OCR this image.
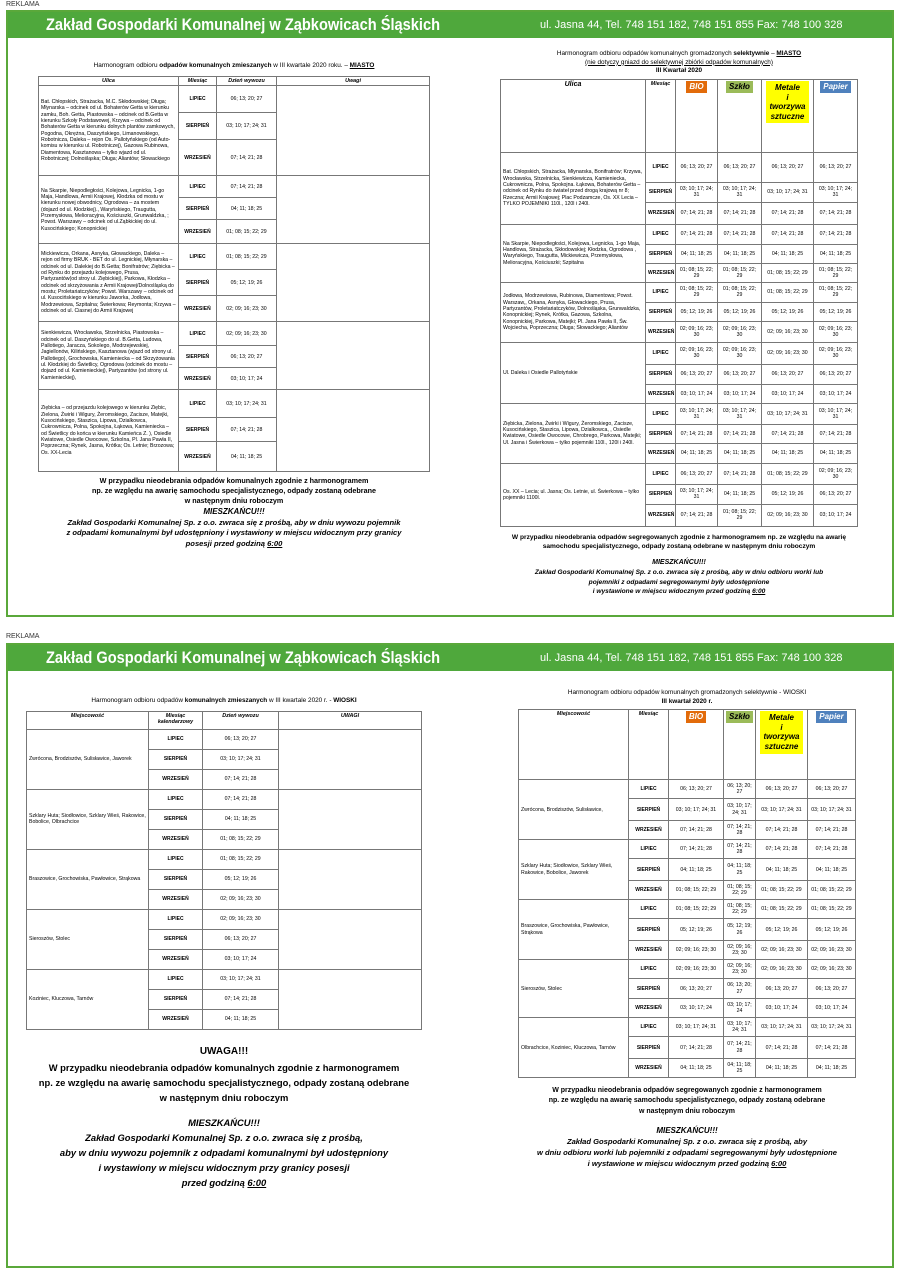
REKLAMA
Zakład Gospodarki Komunalnej w Ząbkowicach Śląskich	ul. Jasna 44, Tel. 748 151 182, 748 151 855 Fax: 748 100 328
Harmonogram odbioru odpadów komunalnych zmieszanych w III kwartale 2020 roku. – MIASTO
Ulica	Miesiąc	Dzień wywozu	Uwagi
Bat. Chłopskich, Strażacka, M.C. Skłodowskiej; Długa; Młynarska – odcinek od ul. Bohaterów Getta w kierunku zamku, Boh. Getta, Piastowska – odcinek od B.Getta w kierunku Szkoły Podstawowej, Krzywa – odcinek od Bohaterów Getta w kierunku dolnych plantów zamkowych, Pogodna, Okrężna, Daszyńskiego, Limanowskiego, Robotnicza, Daleka – rejon Os. Pallotyńskiego (od Auto-komisu w kierunku ul. Robotniczej), Gazowa Rubinowa, Diamentowa, Kasztanowa – tylko wjazd od ul. Robotniczej; Dolnośląska; Długa; Aliantów; Słowackiego	LIPIEC	06; 13; 20; 27	
	SIERPIEŃ	03; 10; 17; 24; 31	
	WRZESIEŃ	07; 14; 21; 28	
Na Skarpie, Niepodległości, Kolejowa, Legnicka, 1-go Maja, Handlowa, Armii Krajowej, Kłodzka od mostu w kierunku nowej obwodnicy, Ogrodowa – za mostem (dojazd od ul. Kłodzkiej)., Waryńskiego, Traugutta, Przemysłowa, Melioracyjna, Kościuszki, Grunwaldzka, ; Powst. Warszawy – odcinek od ul.Ząbkickiej do ul. Kusocińskiego; Konopnickiej	LIPIEC	07; 14; 21; 28	
	SIERPIEŃ	04; 11; 18; 25	
	WRZESIEŃ	01; 08; 15; 22; 29	
Mickiewicza, Orkana, Asnyka, Głowackiego, Daleka – rejon od firmy BRUK - BET do ul. Legnickiej, Młynarska – odcinek od ul. Dalekiej do B.Getta; Bonifratrów; Ziębicka – od Rynku do przejazdu kolejowego, Prusa, Partyzantów(od stroy ul. Ziębickiej), Parkowa, Kłodzka – odcinek od skrzyżowania z Armii Krajowej/Dolnośląską do mostu; Proletariatczyków; Powst. Warszawy – odcinek od ul. Kusocińskiego w kierunku Jaworka, Jodłowa, Modrzewiowa, Szpitalna; Świerkowa; Reymonta; Krzywa – odcinek od ul. Ciasnej do Armii Krajowej	LIPIEC	01; 08; 15; 22; 29	
	SIERPIEŃ	05; 12; 19; 26	
	WRZESIEŃ	02; 09; 16; 23; 30	
Sienkiewicza, Wrocławska, Strzelnicka, Piastowska – odcinek od ul. Daszyńskiego do ul. B.Getta, Ludowa, Pallotiego, Jaracza, Sokolego, Modrzejewskiej, Jagiellonów, Kilińskiego, Kasztanowa (wjazd od strony ul. Pallotiego), Grochowska, Kamieniecka – od Skrzyżowania ul. Kłodzkiej do Świetlicy, Ogrodowa (odcinek do mostu – dojazd od ul. Kamienieckiej), Partyzantów (od strony ul. Kamienieckiej),	LIPIEC	02; 09; 16; 23; 30	
	SIERPIEŃ	06; 13; 20; 27	
	WRZESIEŃ	03; 10; 17; 24	
Ziębicka – od przejazdu kolejowego w kierunku Ziębic, Zielona, Żwirki i Wigury, Żeromskiego, Zacisze, Matejki, Kusocińskiego, Staszica, Lipowa, Dzialkowca, Cukrownicza, Polna, Spokojna, Łąkowa, Kamieniecka – od Świetlicy do końca w kierunku Kamieńca Z. ), Osiedle Kwiatowe, Osiedle Owocowe, Szkolna, Pl. Jana Pawła II, Poprzeczna; Rynek, Jasna, Krótka; Os. Letnie; Brzozowa; Os. XX-Lecia	LIPIEC	03; 10; 17; 24; 31	
	SIERPIEŃ	07; 14; 21; 28	
	WRZESIEŃ	04; 11; 18; 25	
W przypadku nieodebrania odpadów komunalnych zgodnie z harmonogramem
np. ze względu na awarię samochodu specjalistycznego, odpady zostaną odebrane
w następnym dniu roboczym
MIESZKAŃCU!!!
Zakład Gospodarki Komunalnej Sp. z o.o. zwraca się z prośbą, aby w dniu wywozu pojemnik
z odpadami komunalnymi był udostępniony i wystawiony w miejscu widocznym przy granicy
posesji przed godziną 6:00
Harmonogram odbioru odpadów komunalnych gromadzonych selektywnie – MIASTO
(nie dotyczy gniazd do selektywnej zbiórki odpadów komunalnych)
III Kwartał 2020
Ulica	Miesiąc	BIO	Szkło	Metale
i
tworzywa
sztuczne	Papier
Bat. Chłopskich, Strażacka, Młynarska, Bonifratrów; Krzywa, Wrocławska, Strzelnicka, Sienkiewicza, Kamieniecka, Cukrownicza, Polna, Spokojna. Łąkowa, Bohaterów Getta – odcinek od Rynku do świateł przed drogą krajową nr 8; Rzeczna; Armii Krajowej; Plac Podzamcze, Os. XX Lecia – TYLKO POJEMNIKI 110l., 120l i 240l.	LIPIEC	06; 13; 20; 27	06; 13; 20; 27	06; 13; 20; 27	06; 13; 20; 27
	SIERPIEŃ	03; 10; 17; 24; 31	03; 10; 17; 24; 31	03; 10; 17; 24; 31	03; 10; 17; 24; 31
	WRZESIEŃ	07; 14; 21; 28	07; 14; 21; 28	07; 14; 21; 28	07; 14; 21; 28
Na Skarpie, Niepodległości, Kolejowa, Legnicka, 1-go Maja, Handlowa, Strażacka, Skłodowskiej; Kłodzka, Ogrodowa , Waryńskiego, Traugutta, Mickiewicza, Przemysłowa, Melioracyjna, Kościuszki; Szpitalna	LIPIEC	07; 14; 21; 28	07; 14; 21; 28	07; 14; 21; 28	07; 14; 21; 28
	SIERPIEŃ	04; 11; 18; 25	04; 11; 18; 25	04; 11; 18; 25	04; 11; 18; 25
	WRZESIEŃ	01; 08; 15; 22; 29	01; 08; 15; 22; 29	01; 08; 15; 22; 29	01; 08; 15; 22; 29
Jodłowa, Modrzewiowa, Rubinowa, Diamentowa; Powst. Warszaw,, Orkana, Asnyka, Głowackiego, Prusa, Partyzantów, Proletariatczyków, Dolnośląska, Grunwaldzka, Konopnickiej; Rynek, Krótka, Gazowa, Szkolna, Konopnickiej, Parkowa, Matejki; Pl. Jana Pawła II, Św. Wojciecha, Poprzeczna; Długa; Słowackiego; Aliantów	LIPIEC	01; 08; 15; 22; 29	01; 08; 15; 22; 29	01; 08; 15; 22; 29	01; 08; 15; 22; 29
	SIERPIEŃ	05; 12; 19; 26	05; 12; 19; 26	05; 12; 19; 26	05; 12; 19; 26
	WRZESIEŃ	02; 09; 16; 23; 30	02; 09; 16; 23; 30	02; 09; 16; 23; 30	02; 09; 16; 23; 30
Ul. Daleka i Osiedle Pallotyńskie	LIPIEC	02; 09; 16; 23; 30	02; 09; 16; 23; 30	02; 09; 16; 23; 30	02; 09; 16; 23; 30
	SIERPIEŃ	06; 13; 20; 27	06; 13; 20; 27	06; 13; 20; 27	06; 13; 20; 27
	WRZESIEŃ	03; 10; 17; 24	03; 10; 17; 24	03; 10; 17; 24	03; 10; 17; 24
Ziębicka, Zielona, Żwirki i Wigury, Żeromskiego, Zacisze, Kusocińskiego, Staszica, Lipowa, Dzialkowca, , Osiedle Kwiatowe, Osiedle Owocowe, Chrobrego, Parkowa, Matejki; Ul. Jasna i Świerkowa – tylko pojemniki 110l., 120l i 240l.	LIPIEC	03; 10; 17; 24; 31	03; 10; 17; 24; 31	03; 10; 17; 24; 31	03; 10; 17; 24; 31
	SIERPIEŃ	07; 14; 21; 28	07; 14; 21; 28	07; 14; 21; 28	07; 14; 21; 28
	WRZESIEŃ	04; 11; 18; 25	04; 11; 18; 25	04; 11; 18; 25	04; 11; 18; 25
Os. XX – Lecia; ul. Jasna; Os. Letnie, ul. Świerkowa – tylko pojemniki 1100l.	LIPIEC	06; 13; 20; 27	07; 14; 21; 28	01; 08; 15; 22; 29	02; 09; 16; 23; 30
	SIERPIEŃ	03; 10; 17; 24; 31	04; 11; 18; 25	05; 12; 19; 26	06; 13; 20; 27
	WRZESIEŃ	07; 14; 21; 28	01; 08; 15; 22; 29	02; 09; 16; 23; 30	03; 10; 17; 24
W przypadku nieodebrania odpadów segregowanych zgodnie z harmonogramem np. ze względu na awarię
samochodu specjalistycznego, odpady zostaną odebrane w następnym dniu roboczym
MIESZKAŃCU!!!
Zakład Gospodarki Komunalnej Sp. z o.o. zwraca się z prośbą, aby w dniu odbioru worki lub
pojemniki z odpadami segregowanymi były udostępnione
i wystawione w miejscu widocznym przed godziną 6:00
REKLAMA
Zakład Gospodarki Komunalnej w Ząbkowicach Śląskich	ul. Jasna 44, Tel. 748 151 182, 748 151 855 Fax: 748 100 328
Harmonogram odbioru odpadów komunalnych zmieszanych w III kwartale 2020 r. - WIOSKI
Miejscowość	Miesiąc kalendarzowy	Dzień wywozu	UWAGI
Zwrócona, Brodziszów, Sulisławice, Jaworek	LIPIEC	06; 13; 20; 27	
	SIERPIEŃ	03; 10; 17; 24; 31	
	WRZESIEŃ	07; 14; 21; 28	
Szklary Huta; Siodłowice, Szklary Wieś, Rakowice, Bobolice, Olbrachcice	LIPIEC	07; 14; 21; 28	
	SIERPIEŃ	04; 11; 18; 25	
	WRZESIEŃ	01; 08; 15; 22; 29	
Braszowice, Grochowiska, Pawłowice, Strąkowa	LIPIEC	01; 08; 15; 22; 29	
	SIERPIEŃ	05; 12; 19; 26	
	WRZESIEŃ	02; 09; 16; 23; 30	
Sieroszów, Stolec	LIPIEC	02; 09; 16; 23; 30	
	SIERPIEŃ	06; 13; 20; 27	
	WRZESIEŃ	03; 10; 17; 24	
Koziniec, Kluczowa, Tarnów	LIPIEC	03; 10; 17; 24; 31	
	SIERPIEŃ	07; 14; 21; 28	
	WRZESIEŃ	04; 11; 18; 25	
UWAGA!!!
W przypadku nieodebrania odpadów komunalnych zgodnie z harmonogramem
np. ze względu na awarię samochodu specjalistycznego, odpady zostaną odebrane
w następnym dniu roboczym
MIESZKAŃCU!!!
Zakład Gospodarki Komunalnej Sp. z o.o. zwraca się z prośbą,
aby w dniu wywozu pojemnik z odpadami komunalnymi był udostępniony
i wystawiony w miejscu widocznym przy granicy posesji
przed godziną 6:00
Harmonogram odbioru odpadów komunalnych gromadzonych selektywnie - WIOSKI
III kwartał 2020 r.
Miejscowość	Miesiąc	BIO	Szkło	Metale
i
tworzywa
sztuczne	Papier
Zwrócona, Brodziszów, Sulisławice,	LIPIEC	06; 13; 20; 27	06; 13; 20; 27	06; 13; 20; 27	06; 13; 20; 27
	SIERPIEŃ	03; 10; 17; 24; 31	03; 10; 17; 24; 31	03; 10; 17; 24; 31	03; 10; 17; 24; 31
	WRZESIEŃ	07; 14; 21; 28	07; 14; 21; 28	07; 14; 21; 28	07; 14; 21; 28
Szklary Huta; Siodłowice, Szklary Wieś, Rakowice, Bobolice, Jaworek	LIPIEC	07; 14; 21; 28	07; 14; 21; 28	07; 14; 21; 28	07; 14; 21; 28
	SIERPIEŃ	04; 11; 18; 25	04; 11; 18; 25	04; 11; 18; 25	04; 11; 18; 25
	WRZESIEŃ	01; 08; 15; 22; 29	01; 08; 15; 22; 29	01; 08; 15; 22; 29	01; 08; 15; 22; 29
Braszowice, Grochowiska, Pawłowice, Strąkowa	LIPIEC	01; 08; 15; 22; 29	01; 08; 15; 22; 29	01; 08; 15; 22; 29	01; 08; 15; 22; 29
	SIERPIEŃ	05; 12; 19; 26	05; 12; 19; 26	05; 12; 19; 26	05; 12; 19; 26
	WRZESIEŃ	02; 09; 16; 23; 30	02; 09; 16; 23; 30	02; 09; 16; 23; 30	02; 09; 16; 23; 30
Sieroszów, Stolec	LIPIEC	02; 09; 16; 23; 30	02; 09; 16; 23; 30	02; 09; 16; 23; 30	02; 09; 16; 23; 30
	SIERPIEŃ	06; 13; 20; 27	06; 13; 20; 27	06; 13; 20; 27	06; 13; 20; 27
	WRZESIEŃ	03; 10; 17; 24	03; 10; 17; 24	03; 10; 17; 24	03; 10; 17; 24
Olbrachcice, Koziniec, Kluczowa, Tarnów	LIPIEC	03; 10; 17; 24; 31	03; 10; 17; 24; 31	03; 10; 17; 24; 31	03; 10; 17; 24; 31
	SIERPIEŃ	07; 14; 21; 28	07; 14; 21; 28	07; 14; 21; 28	07; 14; 21; 28
	WRZESIEŃ	04; 11; 18; 25	04; 11; 18; 25	04; 11; 18; 25	04; 11; 18; 25
W przypadku nieodebrania odpadów segregowanych zgodnie z harmonogramem
np. ze względu na awarię samochodu specjalistycznego, odpady zostaną odebrane
w następnym dniu roboczym
MIESZKAŃCU!!!
Zakład Gospodarki Komunalnej Sp. z o.o. zwraca się z prośbą, aby
w dniu odbioru worki lub pojemniki z odpadami segregowanymi były udostępnione
i wystawione w miejscu widocznym przed godziną 6:00
